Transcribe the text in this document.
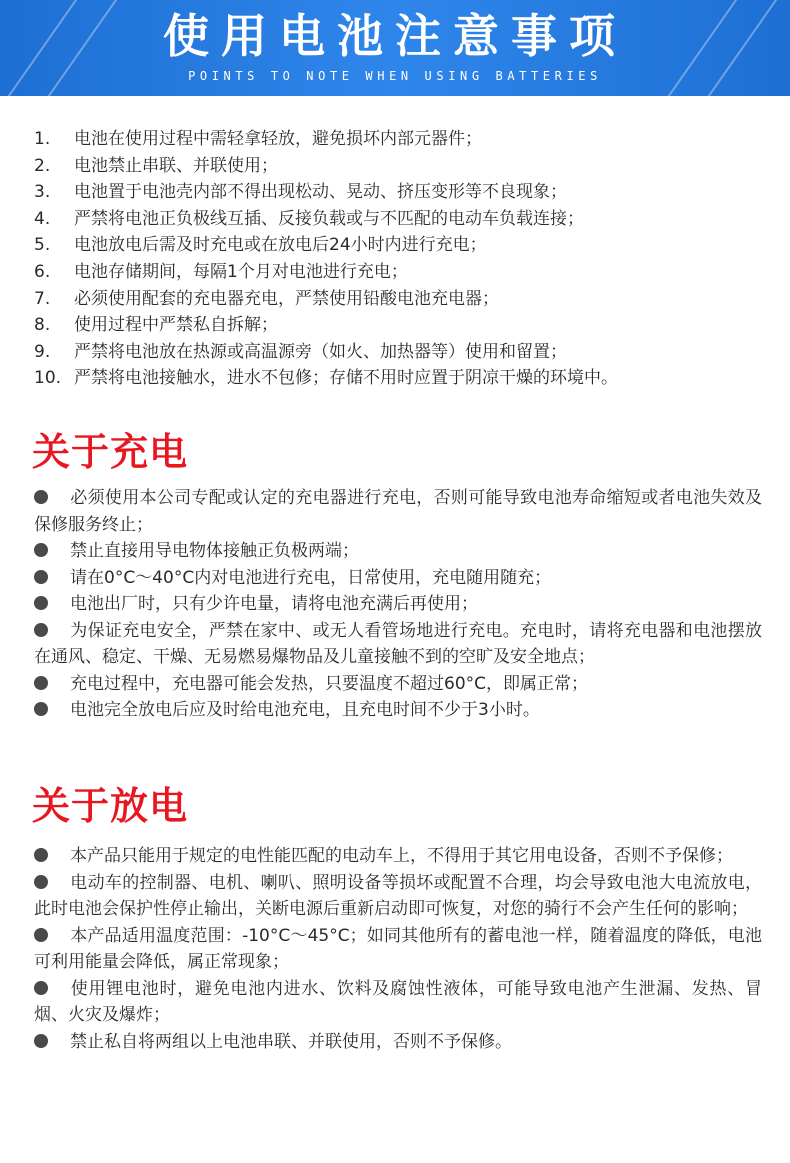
使用电池注意事项
POINTS TO NOTE WHEN USING BATTERIES
1.	电池在使用过程中需轻拿轻放，避免损坏内部元器件；
2.	电池禁止串联、并联使用；
3.	电池置于电池壳内部不得出现松动、晃动、挤压变形等不良现象；
4.	严禁将电池正负极线互插、反接负载或与不匹配的电动车负载连接；
5.	电池放电后需及时充电或在放电后24小时内进行充电；
6.	电池存储期间，每隔1个月对电池进行充电；
7.	必须使用配套的充电器充电，严禁使用铅酸电池充电器；
8.	使用过程中严禁私自拆解；
9.	严禁将电池放在热源或高温源旁（如火、加热器等）使用和留置；
10. 严禁将电池接触水，进水不包修；存储不用时应置于阴凉干燥的环境中。
关于充电
必须使用本公司专配或认定的充电器进行充电，否则可能导致电池寿命缩短或者电池失效及保修服务终止；
禁止直接用导电物体接触正负极两端；
请在0°C～40°C内对电池进行充电，日常使用，充电随用随充；
电池出厂时，只有少许电量，请将电池充满后再使用；
为保证充电安全，严禁在家中、或无人看管场地进行充电。充电时，请将充电器和电池摆放在通风、稳定、干燥、无易燃易爆物品及儿童接触不到的空旷及安全地点；
充电过程中，充电器可能会发热，只要温度不超过60°C，即属正常；
电池完全放电后应及时给电池充电，且充电时间不少于3小时。
关于放电
本产品只能用于规定的电性能匹配的电动车上，不得用于其它用电设备，否则不予保修；
电动车的控制器、电机、喇叭、照明设备等损坏或配置不合理，均会导致电池大电流放电，此时电池会保护性停止输出，关断电源后重新启动即可恢复，对您的骑行不会产生任何的影响；
本产品适用温度范围：-10°C～45°C；如同其他所有的蓄电池一样，随着温度的降低，电池可利用能量会降低，属正常现象；
使用锂电池时，避免电池内进水、饮料及腐蚀性液体，可能导致电池产生泄漏、发热、冒烟、火灾及爆炸；
禁止私自将两组以上电池串联、并联使用，否则不予保修。
